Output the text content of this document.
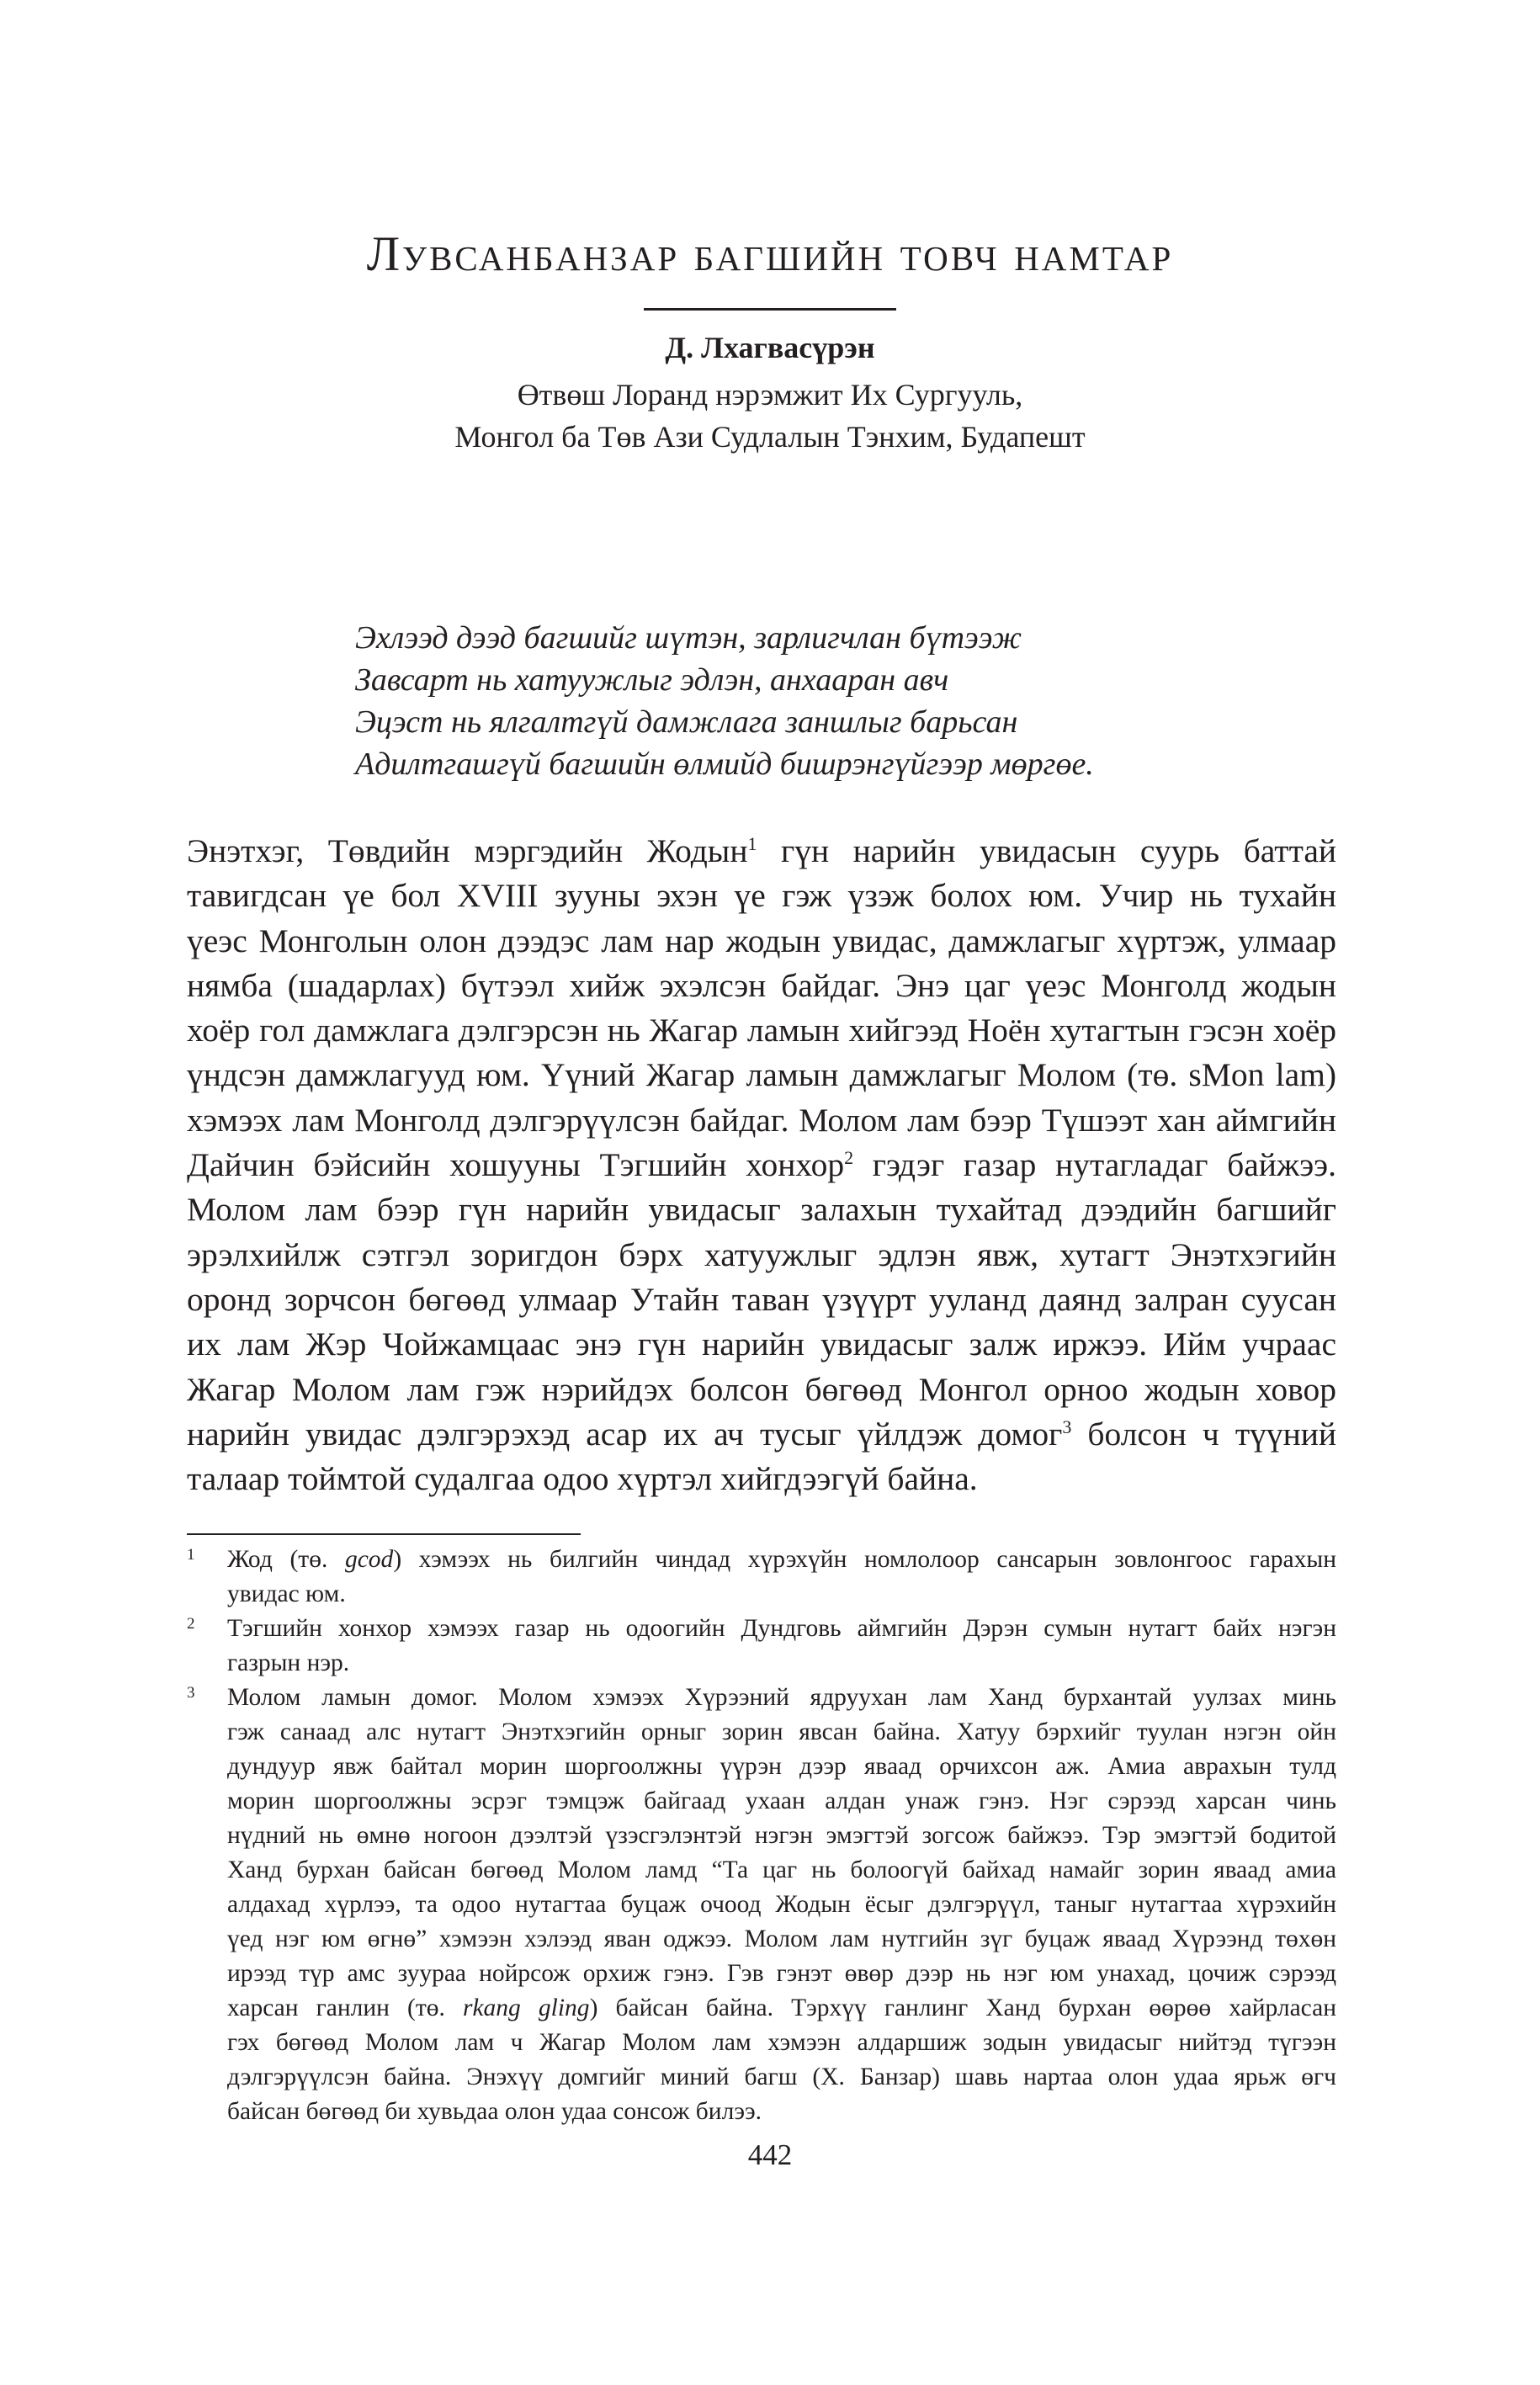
Лувсанбанзар багшийн товч намтар
Д. Лхагвасүрэн
Өтвөш Лоранд нэрэмжит Их Сургууль,
Монгол ба Төв Ази Судлалын Тэнхим, Будапешт
Эхлээд дээд багшийг шүтэн, зарлигчлан бүтээж
Завсарт нь хатуужлыг эдлэн, анхааран авч
Эцэст нь ялгалтгүй дамжлага заншлыг барьсан
Адилтгашгүй багшийн өлмийд бишрэнгүйгээр мөргөе.
Энэтхэг, Төвдийн мэргэдийн Жодын$^1$ гүн нарийн увидасын суурь баттай
тавигдсан үе бол XVIII зууны эхэн үе гэж үзэж болох юм. Учир нь тухайн
үеэс Монголын олон дээдэс лам нар жодын увидас, дамжлагыг хүртэж, улмаар
нямба (шадарлах) бүтээл хийж эхэлсэн байдаг. Энэ цаг үеэс Монголд жодын
хоёр гол дамжлага дэлгэрсэн нь Жагар ламын хийгээд Ноён хутагтын гэсэн хоёр
үндсэн дамжлагууд юм. Үүний Жагар ламын дамжлагыг Молом (тө. sMon lam)
хэмээх лам Монголд дэлгэрүүлсэн байдаг. Молом лам бээр Түшээт хан аймгийн
Дайчин бэйсийн хошууны Тэгшийн хонхор$^2$ гэдэг газар нутагладаг байжээ.
Молом лам бээр гүн нарийн увидасыг залахын тухайтад дээдийн багшийг
эрэлхийлж сэтгэл зоригдон бэрх хатуужлыг эдлэн явж, хутагт Энэтхэгийн
оронд зорчсон бөгөөд улмаар Утайн таван үзүүрт ууланд даянд залран суусан
их лам Жэр Чойжамцаас энэ гүн нарийн увидасыг залж иржээ. Ийм учраас
Жагар Молом лам гэж нэрийдэх болсон бөгөөд Монгол орноо жодын ховор
нарийн увидас дэлгэрэхэд асар их ач тусыг үйлдэж домог$^3$ болсон ч түүний
талаар тоймтой судалгаа одоо хүртэл хийгдээгүй байна.
1 Жод (тө. gcod) хэмээх нь билгийн чиндад хүрэхүйн номлолоор сансарын зовлонгоос гарахын
увидас юм.
2 Тэгшийн хонхор хэмээх газар нь одоогийн Дундговь аймгийн Дэрэн сумын нутагт байх нэгэн
газрын нэр.
3 Молом ламын домог. Молом хэмээх Хүрээний ядруухан лам Ханд бурхантай уулзах минь
гэж санаад алс нутагт Энэтхэгийн орныг зорин явсан байна. Хатуу бэрхийг туулан нэгэн ойн
дундуур явж байтал морин шоргоолжны үүрэн дээр яваад орчихсон аж. Амиа аврахын тулд
морин шоргоолжны эсрэг тэмцэж байгаад ухаан алдан унаж гэнэ. Нэг сэрээд харсан чинь
нүдний нь өмнө ногоон дээлтэй үзэсгэлэнтэй нэгэн эмэгтэй зогсож байжээ. Тэр эмэгтэй бодитой
Ханд бурхан байсан бөгөөд Молом ламд “Та цаг нь болоогүй байхад намайг зорин яваад амиа
алдахад хүрлээ, та одоо нутагтаа буцаж очоод Жодын ёсыг дэлгэрүүл, таныг нутагтаа хүрэхийн
үед нэг юм өгнө” хэмээн хэлээд яван оджээ. Молом лам нутгийн зүг буцаж яваад Хүрээнд төхөн
ирээд түр амс зуураа нойрсож орхиж гэнэ. Гэв гэнэт өвөр дээр нь нэг юм унахад, цочиж сэрээд
харсан ганлин (тө. rkang gling) байсан байна. Тэрхүү ганлинг Ханд бурхан өөрөө хайрласан
гэх бөгөөд Молом лам ч Жагар Молом лам хэмээн алдаршиж зодын увидасыг нийтэд түгээн
дэлгэрүүлсэн байна. Энэхүү домгийг миний багш (Х. Банзар) шавь нартаа олон удаа ярьж өгч
байсан бөгөөд би хувьдаа олон удаа сонсож билээ.
442
